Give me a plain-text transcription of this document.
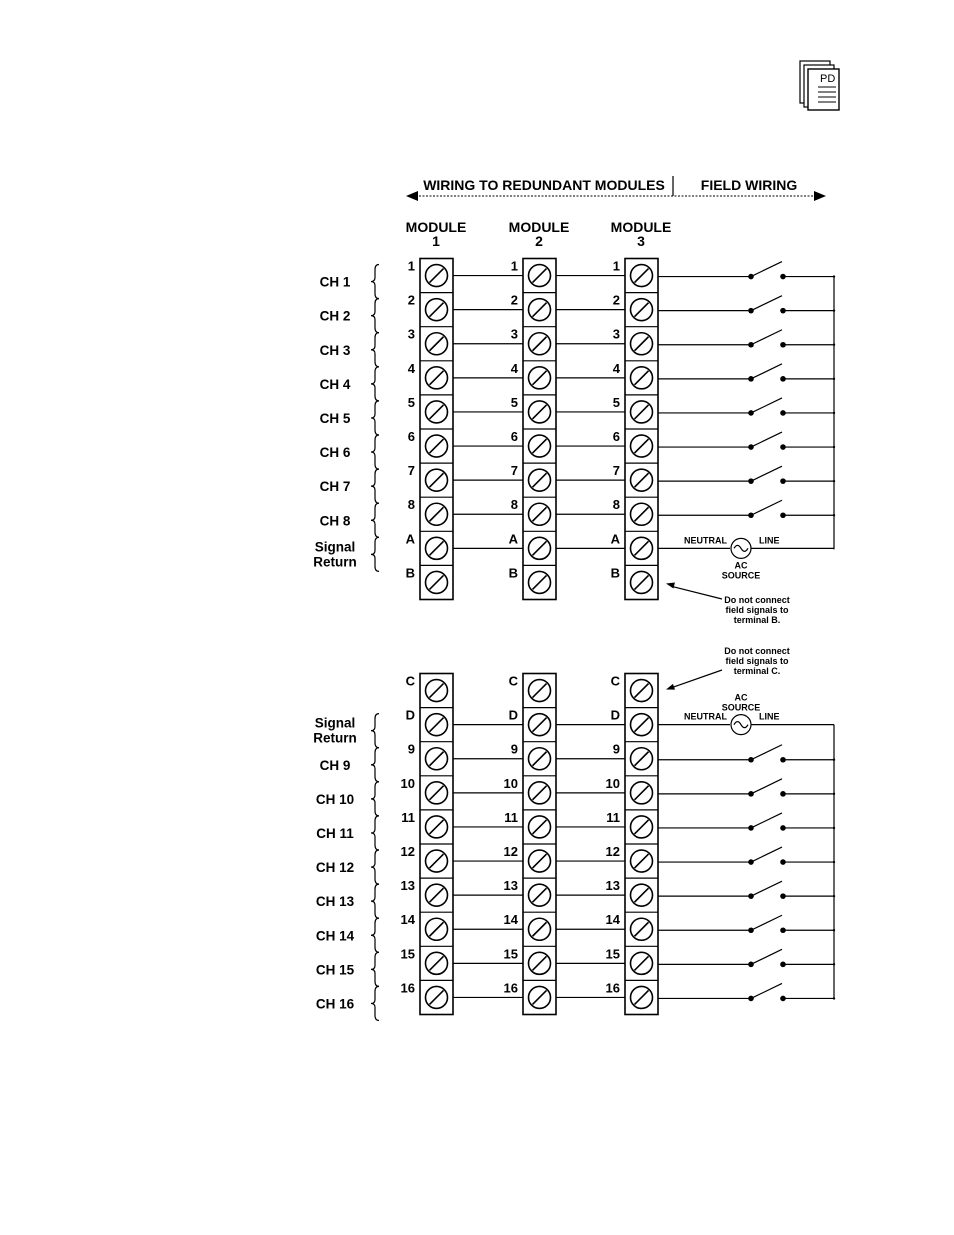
PD
WIRING TO REDUNDANT MODULES	FIELD WIRING
MODULE
1
MODULE
2
MODULE
3
1
2
3
4
5
6
7
8
A
B
1
2
3
4
5
6
7
8
A
B
1
2
3
4
5
6
7
8
A
B
NEUTRAL	LINE
AC
SOURCE
CH 1
CH 2
CH 3
CH 4
CH 5
CH 6
CH 7
CH 8
Signal
Return
Do not connect
field signals to
terminal B.
C
D
9
10
11
12
13
14
15
16
C
D
9
10
11
12
13
14
15
16
C
D
9
10
11
12
13
14
15
16
NEUTRAL	LINE
AC
SOURCE
Signal
Return
CH 9
CH 10
CH 11
CH 12
CH 13
CH 14
CH 15
CH 16
Do not connect
field signals to
terminal C.
